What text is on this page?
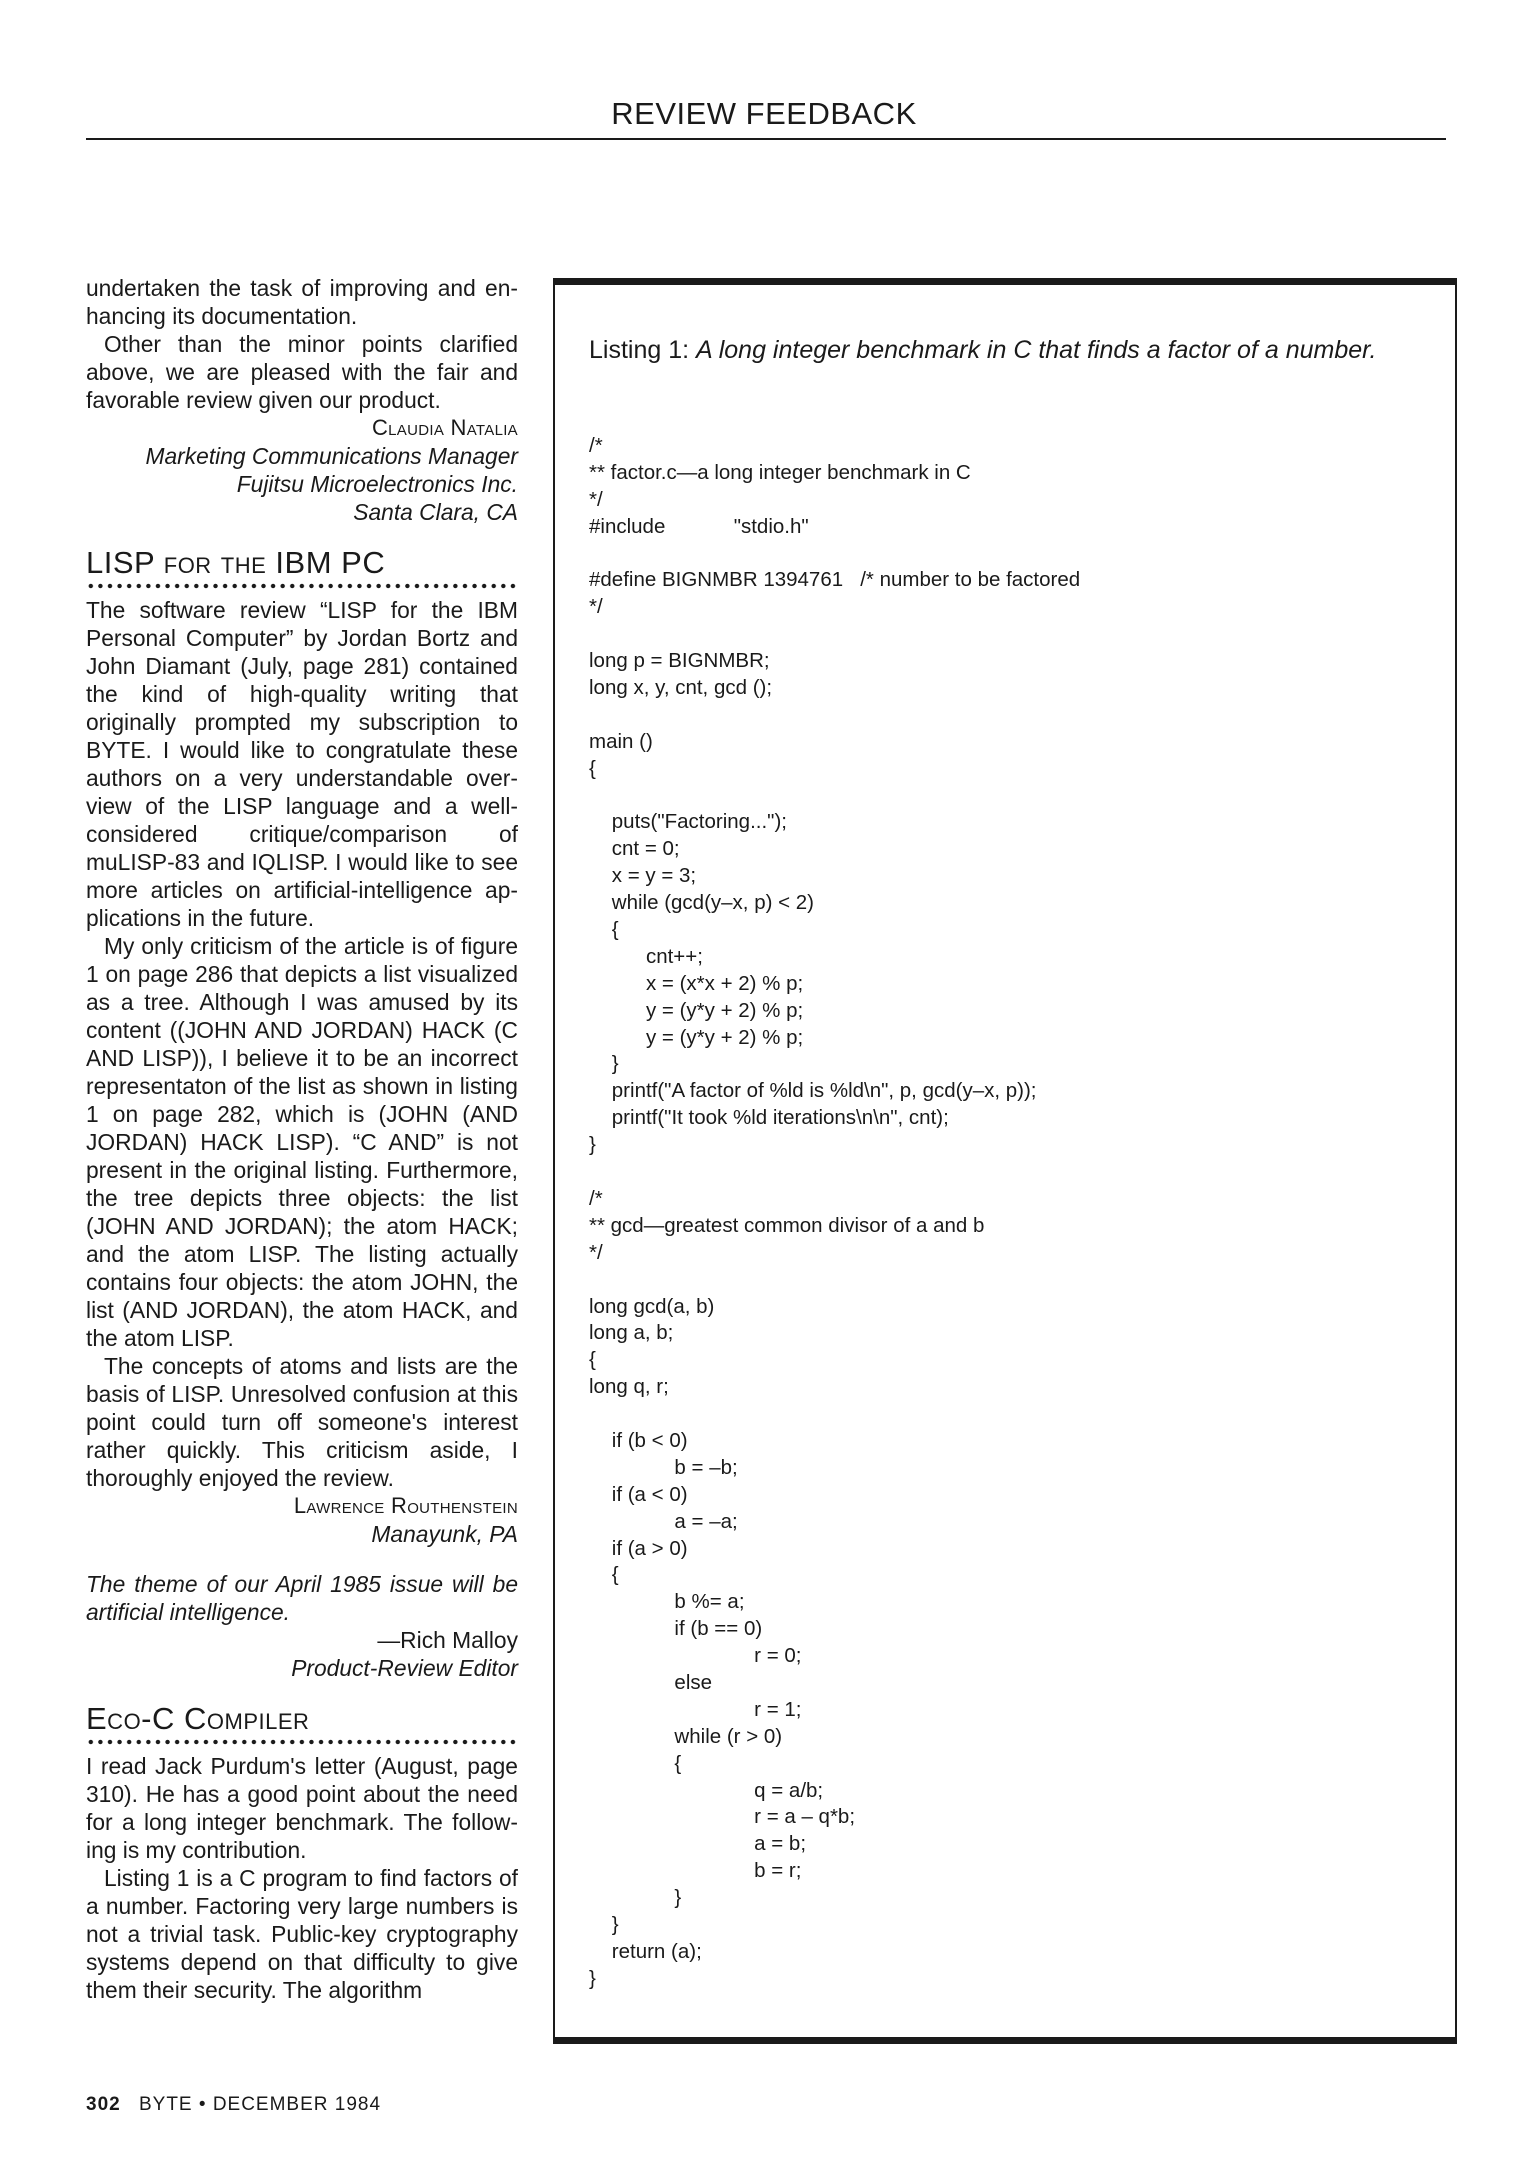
REVIEW FEEDBACK

undertaken the task of improving and enhancing its documentation.

Other than the minor points clarified above, we are pleased with the fair and favorable review given our product.

Claudia Natalia
Marketing Communications Manager
Fujitsu Microelectronics Inc.
Santa Clara, CA
LISP for the IBM PC

The software review “LISP for the IBM Personal Computer” by Jordan Bortz and John Diamant (July, page 281) contained the kind of high-quality writing that originally prompted my subscription to BYTE. I would like to congratulate these authors on a very understandable overview of the LISP language and a well-considered critique/comparison of muLISP-83 and IQLISP. I would like to see more articles on artificial-intelligence applications in the future.

My only criticism of the article is of figure 1 on page 286 that depicts a list visualized as a tree. Although I was amused by its content ((JOHN AND JORDAN) HACK (C AND LISP)), I believe it to be an incorrect representaton of the list as shown in listing 1 on page 282, which is (JOHN (AND JORDAN) HACK LISP). “C AND” is not present in the original listing. Furthermore, the tree depicts three objects: the list (JOHN AND JORDAN); the atom HACK; and the atom LISP. The listing actually contains four objects: the atom JOHN, the list (AND JORDAN), the atom HACK, and the atom LISP.

The concepts of atoms and lists are the basis of LISP. Unresolved confusion at this point could turn off someone's interest rather quickly. This criticism aside, I thoroughly enjoyed the review.

Lawrence Routhenstein
Manayunk, PA

The theme of our April 1985 issue will be artificial intelligence.

—Rich Malloy
Product-Review Editor
Eco-C Compiler

I read Jack Purdum's letter (August, page 310). He has a good point about the need for a long integer benchmark. The following is my contribution.

Listing 1 is a C program to find factors of a number. Factoring very large numbers is not a trivial task. Public-key cryptography systems depend on that difficulty to give them their security. The algorithm

Listing 1: A long integer benchmark in C that finds a factor of a number.
/*
** factor.c—a long integer benchmark in C
*/
#include            "stdio.h"
#define BIGNMBR 1394761   /* number to be factored
*/
long p = BIGNMBR;
long x, y, cnt, gcd ();
main ()
{
puts("Factoring...");
cnt = 0;
x = y = 3;
while (gcd(y–x, p) < 2)
{
cnt++;
x = (x*x + 2) % p;
y = (y*y + 2) % p;
y = (y*y + 2) % p;
}
printf("A factor of %ld is %ld\n", p, gcd(y–x, p));
printf("It took %ld iterations\n\n", cnt);
}
/*
** gcd—greatest common divisor of a and b
*/
long gcd(a, b)
long a, b;
{
long q, r;
if (b < 0)
b = –b;
if (a < 0)
a = –a;
if (a > 0)
{
b %= a;
if (b == 0)
r = 0;
else
r = 1;
while (r > 0)
{
q = a/b;
r = a – q*b;
a = b;
b = r;
}
}
return (a);
}
302 BYTE • DECEMBER 1984
